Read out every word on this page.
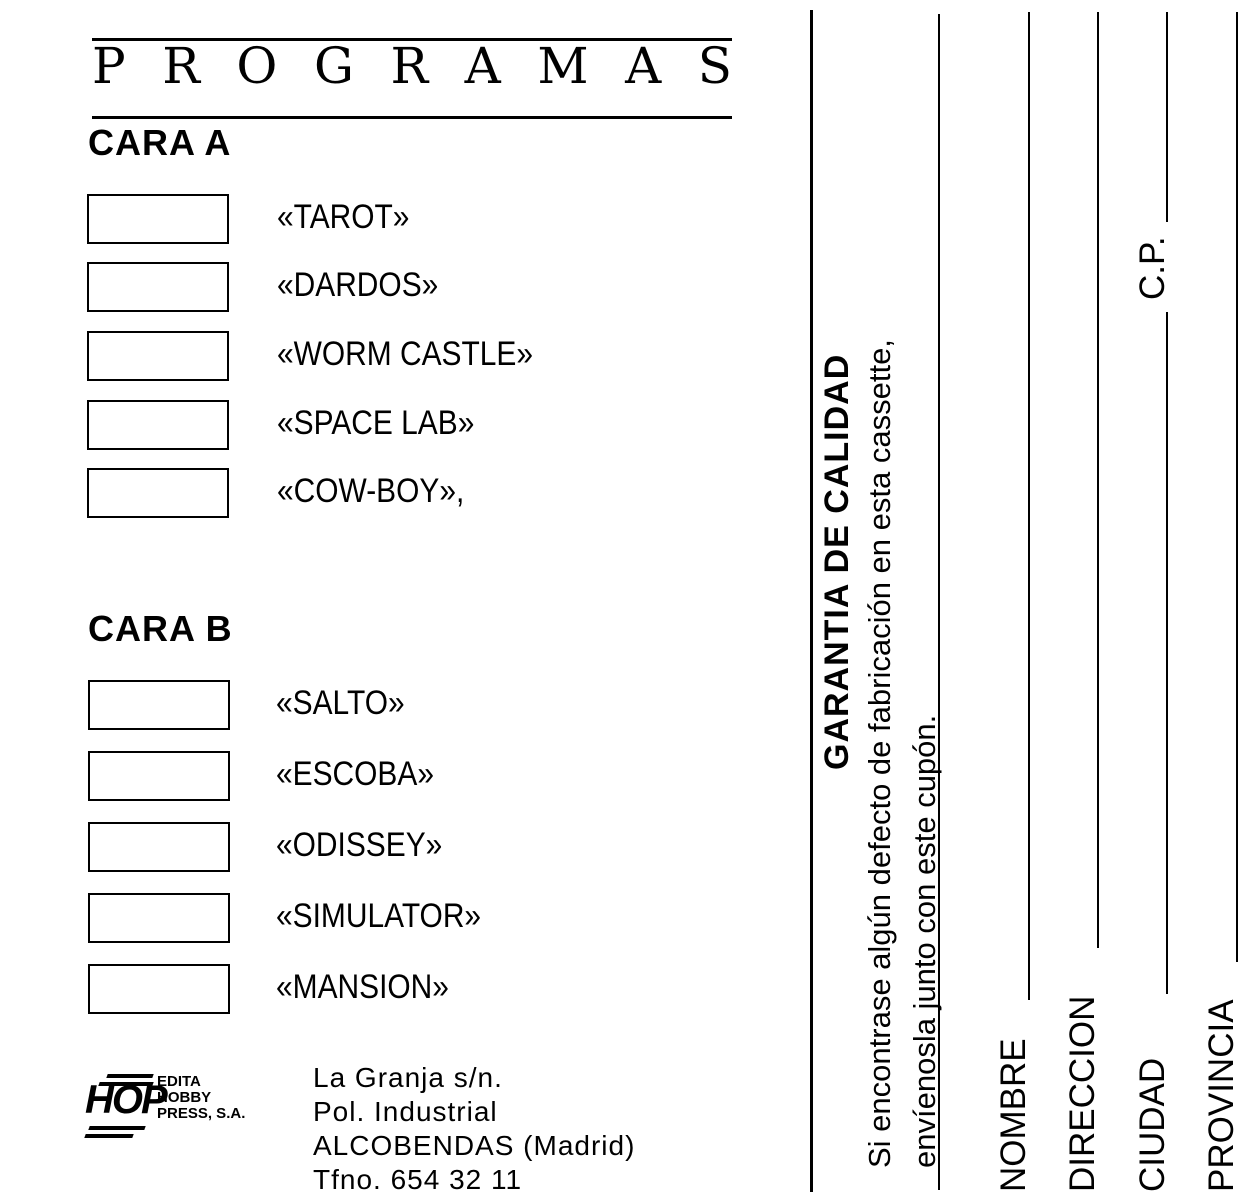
P R O G R A M A S
CARA A
«TAROT»
«DARDOS»
«WORM CASTLE»
«SPACE LAB»
«COW-BOY»,
CARA B
«SALTO»
«ESCOBA»
«ODISSEY»
«SIMULATOR»
«MANSION»
HOP
EDITA
HOBBY
PRESS, S.A.
La Granja s/n.
Pol. Industrial
ALCOBENDAS (Madrid)
Tfno. 654 32 11
GARANTIA DE CALIDAD Si encontrase algún defecto de fabricación en esta cassette, envíenosla junto con este cupón. NOMBRE DIRECCION CIUDAD
C.P.
PROVINCIA
